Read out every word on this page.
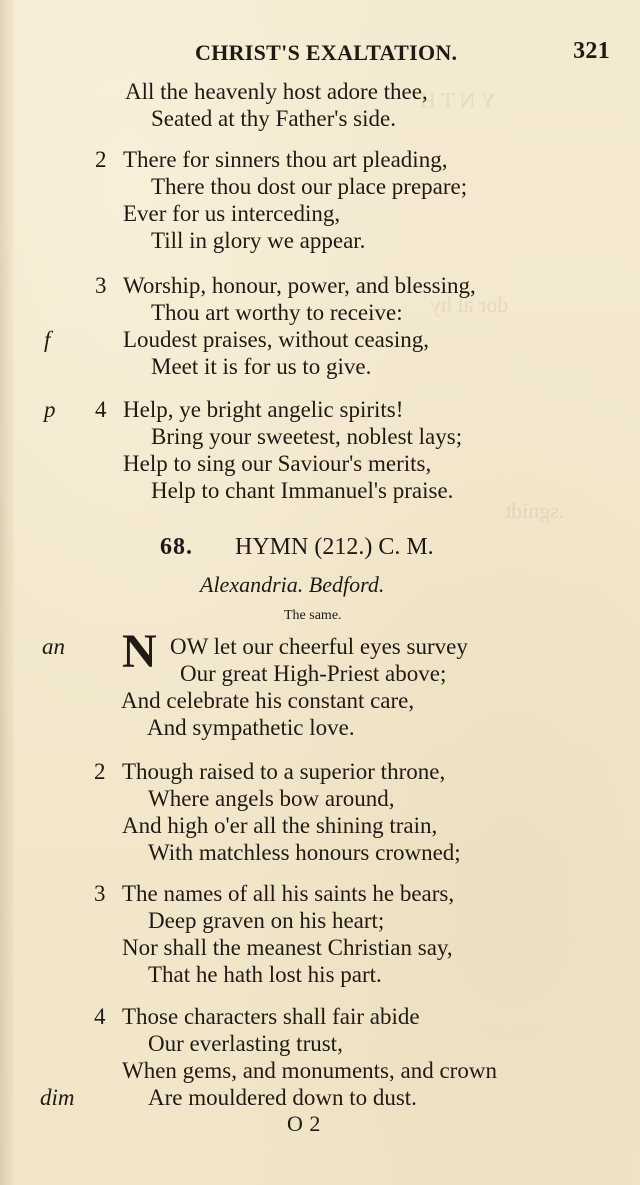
Y N T H
dor al hy
.sgnidt
CHRIST'S EXALTATION.	321
All the heavenly host adore thee,
Seated at thy Father's side.
2 There for sinners thou art pleading,
There thou dost our place prepare;
Ever for us interceding,
Till in glory we appear.
3 Worship, honour, power, and blessing,
Thou art worthy to receive:
f	Loudest praises, without ceasing,
Meet it is for us to give.
p 4 Help, ye bright angelic spirits!
Bring your sweetest, noblest lays;
Help to sing our Saviour's merits,
Help to chant Immanuel's praise.
68. HYMN (212.) C. M.
Alexandria. Bedford.
The same.
an N OW let our cheerful eyes survey
Our great High-Priest above;
And celebrate his constant care,
And sympathetic love.
2 Though raised to a superior throne,
Where angels bow around,
And high o'er all the shining train,
With matchless honours crowned;
3 The names of all his saints he bears,
Deep graven on his heart;
Nor shall the meanest Christian say,
That he hath lost his part.
4 Those characters shall fair abide
Our everlasting trust,
When gems, and monuments, and crown
dim	Are mouldered down to dust.
O 2
